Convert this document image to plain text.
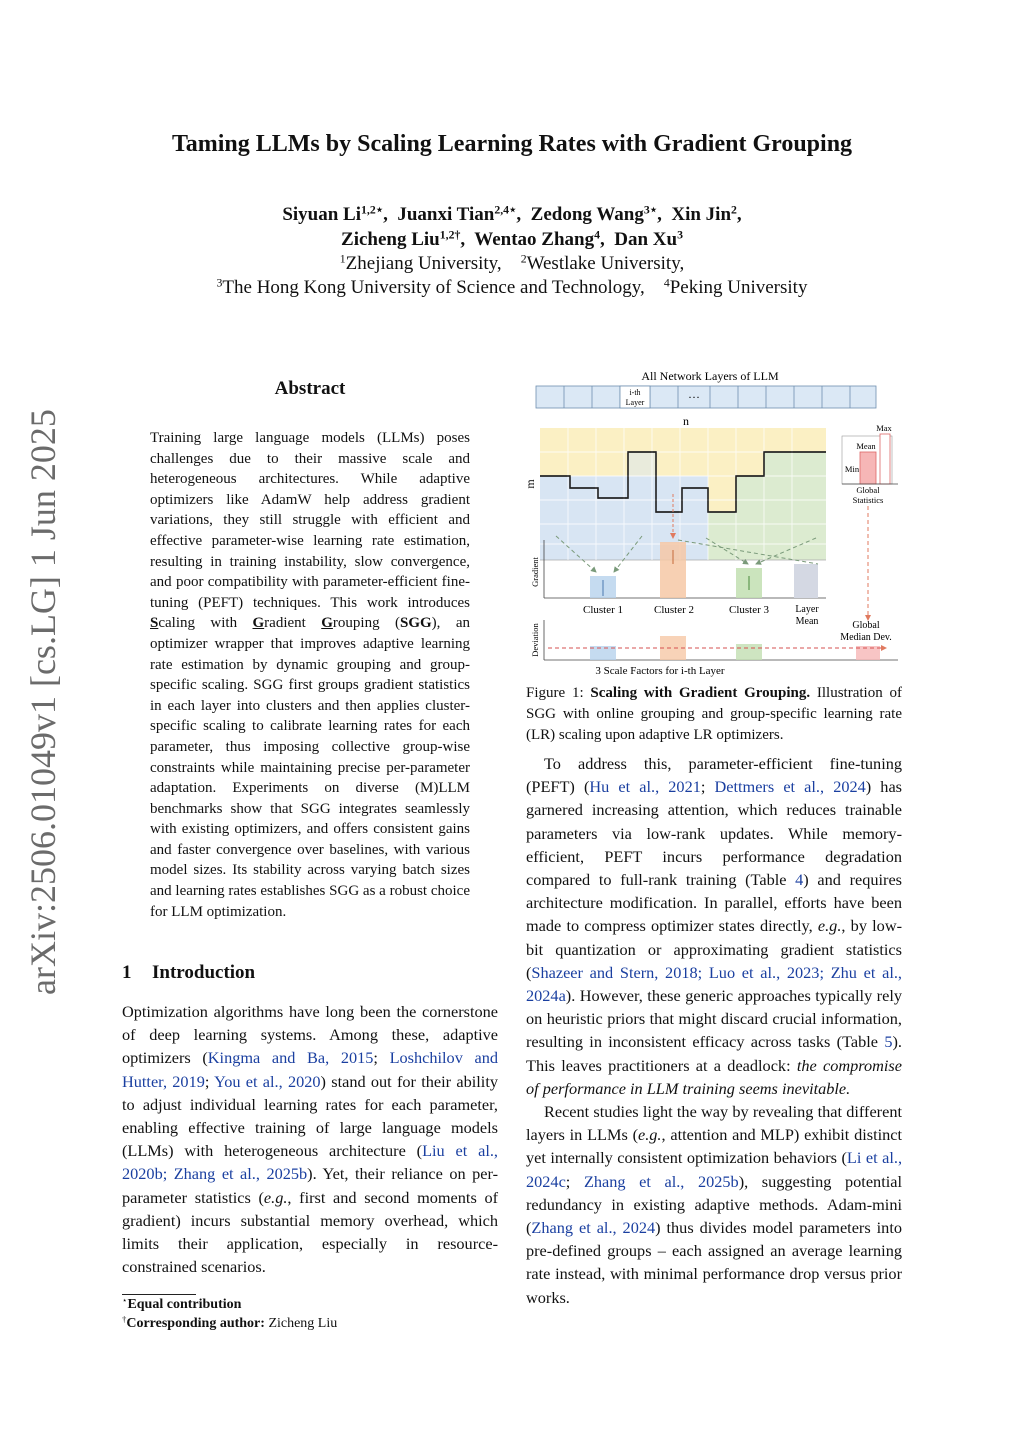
Taming LLMs by Scaling Learning Rates with Gradient Grouping
Siyuan $Li^{1,2⋆}$,  Juanxi Tian$^{2,4⋆}$,  Zedong Wang$^{3⋆}$,  Xin Jin$^2$,
Zicheng Liu$^{1,2\dagger}$,  Wentao Zhang$^4$,  Dan Xu$^3$
$^1$Zhejiang University, $^2$Westlake University,
$^3$The Hong Kong University of Science and Technology, $^4$Peking University
arXiv:2506.01049v1 [cs.LG] 1 Jun 2025
Abstract
Training large language models (LLMs) poses challenges due to their massive scale and heterogeneous architectures. While adaptive optimizers like AdamW help address gradient variations, they still struggle with efficient and effective parameter-wise learning rate estimation, resulting in training instability, slow convergence, and poor compatibility with parameter-efficient fine-tuning (PEFT) techniques. This work introduces Scaling with Gradient Grouping (SGG), an optimizer wrapper that improves adaptive learning rate estimation by dynamic grouping and group-specific scaling. SGG first groups gradient statistics in each layer into clusters and then applies cluster-specific scaling to calibrate learning rates for each parameter, thus imposing collective group-wise constraints while maintaining precise per-parameter adaptation. Experiments on diverse (M)LLM benchmarks show that SGG integrates seamlessly with existing optimizers, and offers consistent gains and faster convergence over baselines, with various model sizes. Its stability across varying batch sizes and learning rates establishes SGG as a robust choice for LLM optimization.
1 Introduction
Optimization algorithms have long been the cornerstone of deep learning systems. Among these, adaptive optimizers (Kingma and Ba, 2015; Loshchilov and Hutter, 2019; You et al., 2020) stand out for their ability to adjust individual learning rates for each parameter, enabling effective training of large language models (LLMs) with heterogeneous architecture (Liu et al., 2020b; Zhang et al., 2025b). Yet, their reliance on per-parameter statistics (e.g., first and second moments of gradient) incurs substantial memory overhead, which limits their application, especially in resource-constrained scenarios.
⋆Equal contribution
†Corresponding author: Zicheng Liu
All Network Layers of LLM
i-th
Layer	···
n
m
Max
Mean
Min
Global
Statistics
Gradient
Cluster 1	Cluster 2	Cluster 3	Layer
Mean	Global
Median Dev.
Deviation
3 Scale Factors for i-th Layer
Figure 1: Scaling with Gradient Grouping. Illustration of SGG with online grouping and group-specific learning rate (LR) scaling upon adaptive LR optimizers.

To address this, parameter-efficient fine-tuning (PEFT) (Hu et al., 2021; Dettmers et al., 2024) has garnered increasing attention, which reduces trainable parameters via low-rank updates. While memory-efficient, PEFT incurs performance degradation compared to full-rank training (Table 4) and requires architecture modification. In parallel, efforts have been made to compress optimizer states directly, e.g., by low-bit quantization or approximating gradient statistics (Shazeer and Stern, 2018; Luo et al., 2023; Zhu et al., 2024a). However, these generic approaches typically rely on heuristic priors that might discard crucial information, resulting in inconsistent efficacy across tasks (Table 5). This leaves practitioners at a deadlock: the compromise of performance in LLM training seems inevitable.

Recent studies light the way by revealing that different layers in LLMs (e.g., attention and MLP) exhibit distinct yet internally consistent optimization behaviors (Li et al., 2024c; Zhang et al., 2025b), suggesting potential redundancy in existing adaptive methods. Adam-mini (Zhang et al., 2024) thus divides model parameters into pre-defined groups – each assigned an average learning rate instead, with minimal performance drop versus prior works.
